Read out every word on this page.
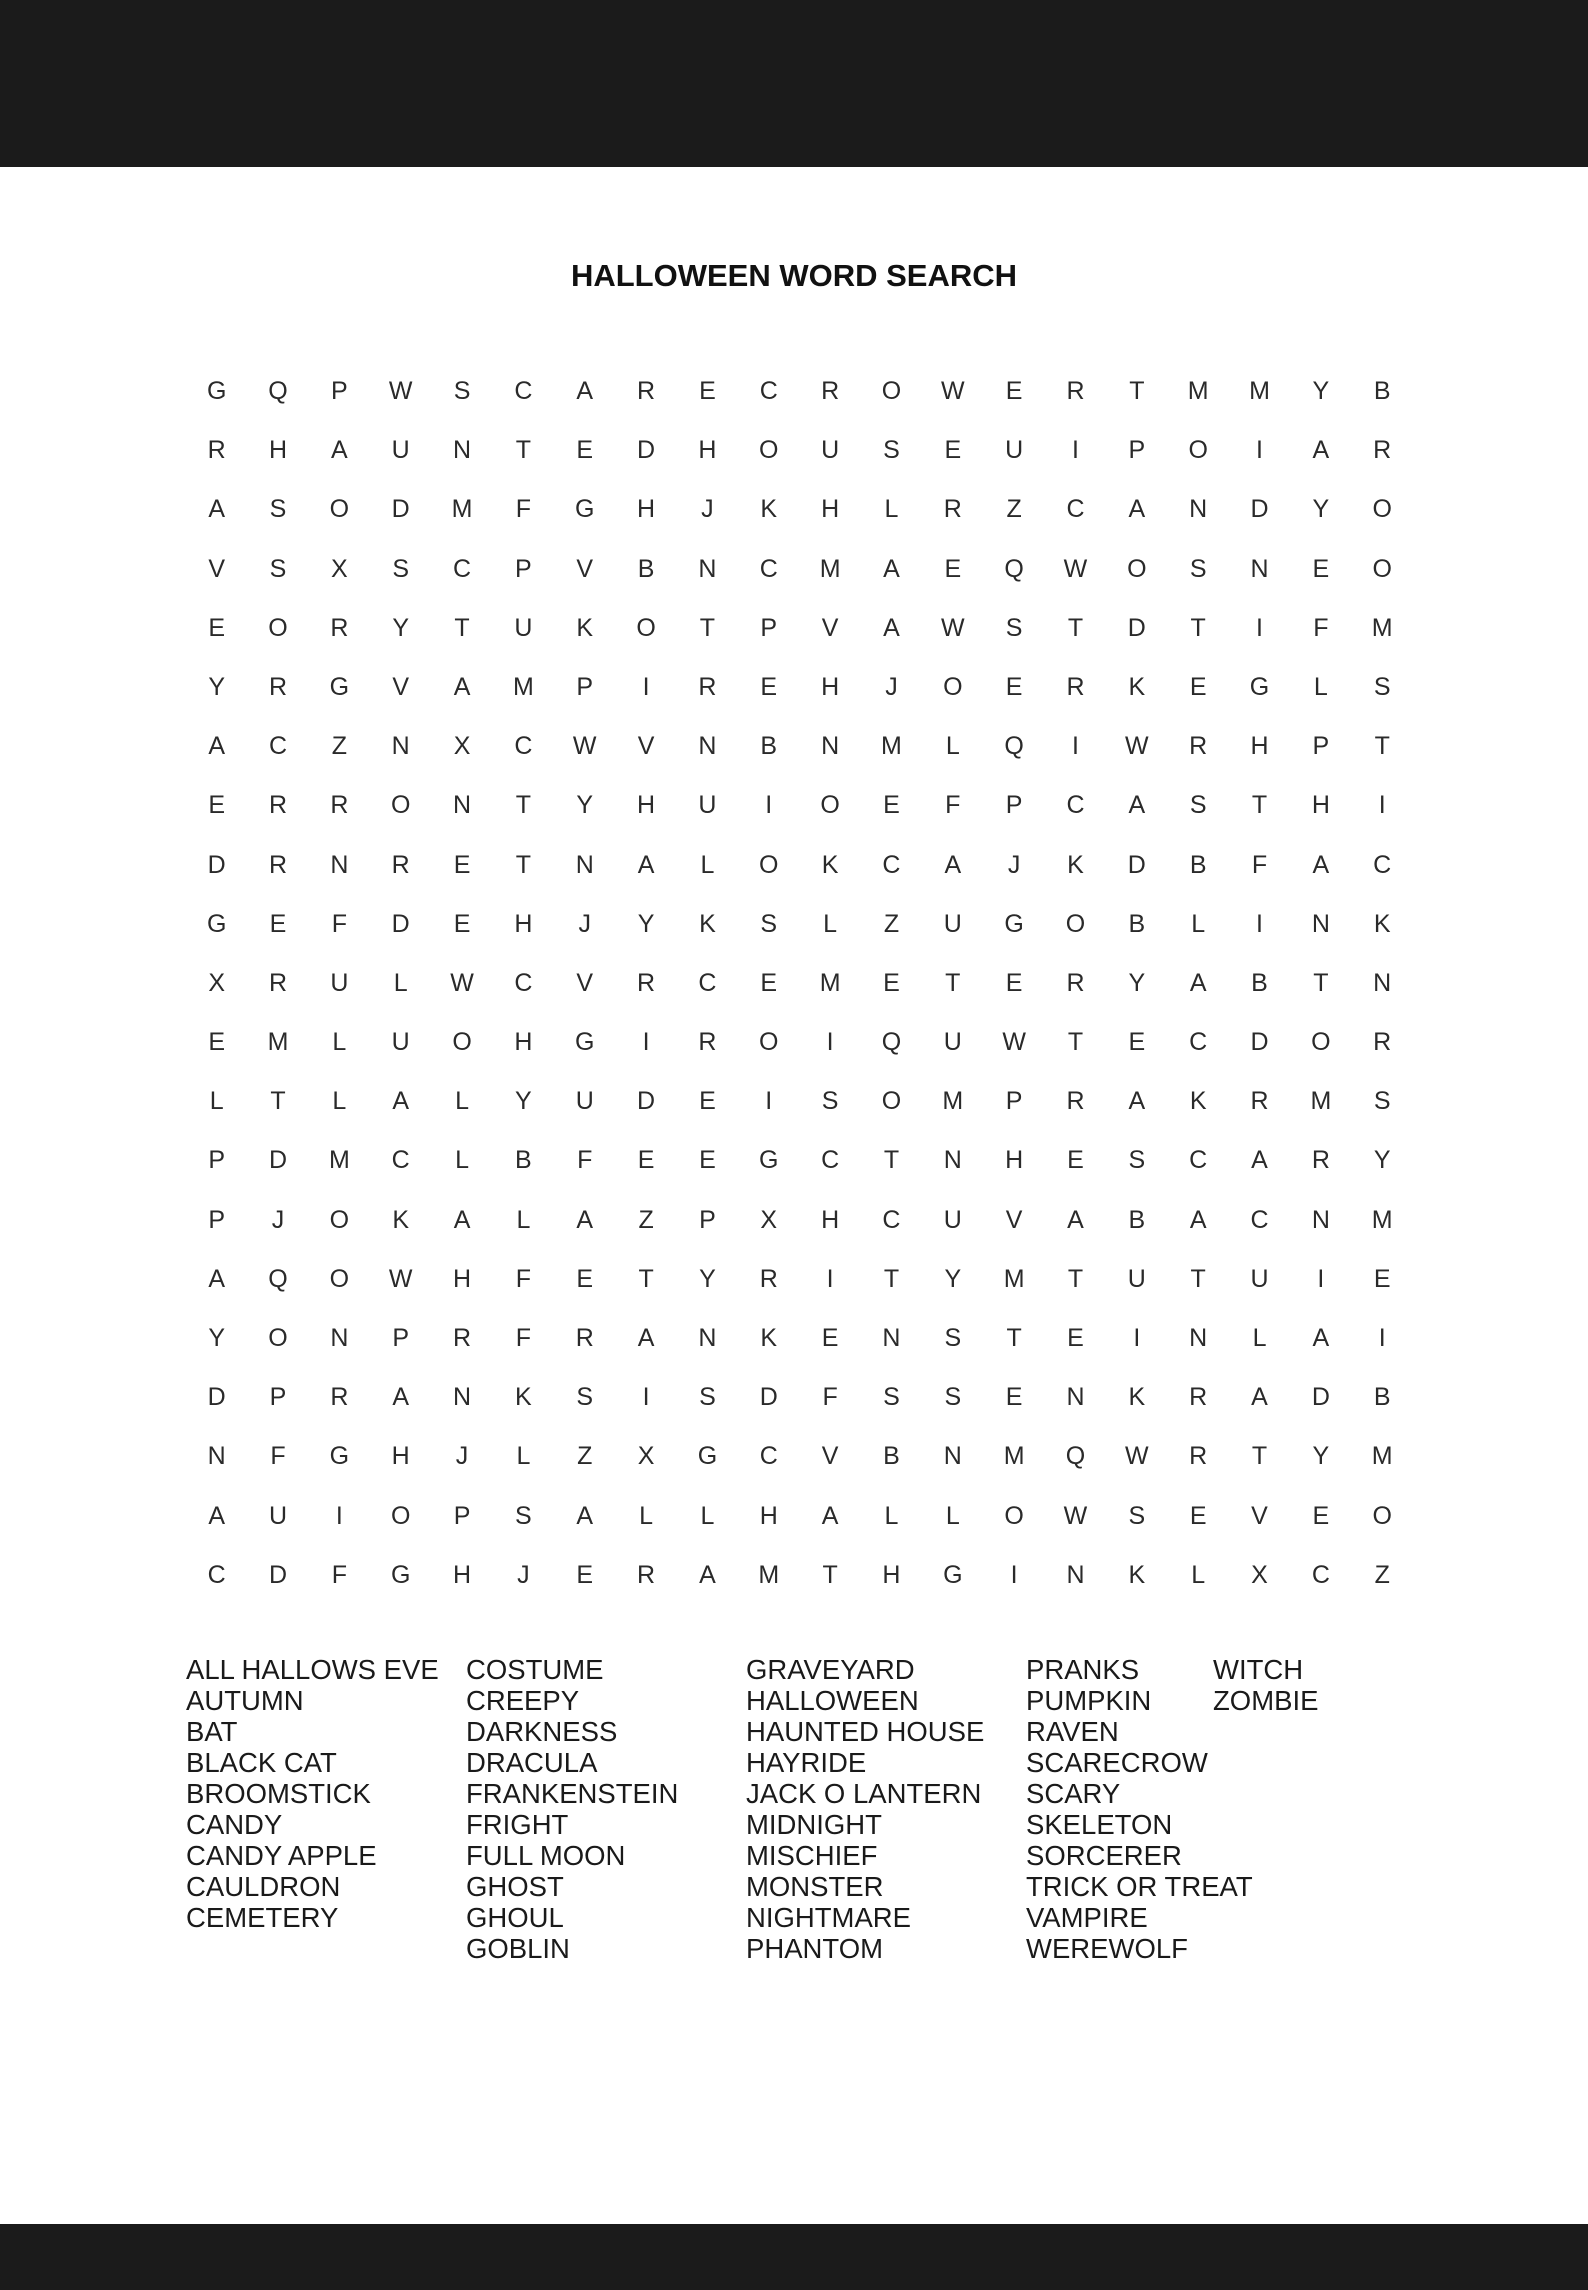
HALLOWEEN WORD SEARCH
G	Q	P	W	S	C	A	R	E	C	R	O	W	E	R	T	M	M	Y	B
R	H	A	U	N	T	E	D	H	O	U	S	E	U	I	P	O	I	A	R
A	S	O	D	M	F	G	H	J	K	H	L	R	Z	C	A	N	D	Y	O
V	S	X	S	C	P	V	B	N	C	M	A	E	Q	W	O	S	N	E	O
E	O	R	Y	T	U	K	O	T	P	V	A	W	S	T	D	T	I	F	M
Y	R	G	V	A	M	P	I	R	E	H	J	O	E	R	K	E	G	L	S
A	C	Z	N	X	C	W	V	N	B	N	M	L	Q	I	W	R	H	P	T
E	R	R	O	N	T	Y	H	U	I	O	E	F	P	C	A	S	T	H	I
D	R	N	R	E	T	N	A	L	O	K	C	A	J	K	D	B	F	A	C
G	E	F	D	E	H	J	Y	K	S	L	Z	U	G	O	B	L	I	N	K
X	R	U	L	W	C	V	R	C	E	M	E	T	E	R	Y	A	B	T	N
E	M	L	U	O	H	G	I	R	O	I	Q	U	W	T	E	C	D	O	R
L	T	L	A	L	Y	U	D	E	I	S	O	M	P	R	A	K	R	M	S
P	D	M	C	L	B	F	E	E	G	C	T	N	H	E	S	C	A	R	Y
P	J	O	K	A	L	A	Z	P	X	H	C	U	V	A	B	A	C	N	M
A	Q	O	W	H	F	E	T	Y	R	I	T	Y	M	T	U	T	U	I	E
Y	O	N	P	R	F	R	A	N	K	E	N	S	T	E	I	N	L	A	I
D	P	R	A	N	K	S	I	S	D	F	S	S	E	N	K	R	A	D	B
N	F	G	H	J	L	Z	X	G	C	V	B	N	M	Q	W	R	T	Y	M
A	U	I	O	P	S	A	L	L	H	A	L	L	O	W	S	E	V	E	O
C	D	F	G	H	J	E	R	A	M	T	H	G	I	N	K	L	X	C	Z
ALL HALLOWS EVE
AUTUMN
BAT
BLACK CAT
BROOMSTICK
CANDY
CANDY APPLE
CAULDRON
CEMETERY
COSTUME
CREEPY
DARKNESS
DRACULA
FRANKENSTEIN
FRIGHT
FULL MOON
GHOST
GHOUL
GOBLIN
GRAVEYARD
HALLOWEEN
HAUNTED HOUSE
HAYRIDE
JACK O LANTERN
MIDNIGHT
MISCHIEF
MONSTER
NIGHTMARE
PHANTOM
PRANKS
PUMPKIN
RAVEN
SCARECROW
SCARY
SKELETON
SORCERER
TRICK OR TREAT
VAMPIRE
WEREWOLF
WITCH
ZOMBIE
